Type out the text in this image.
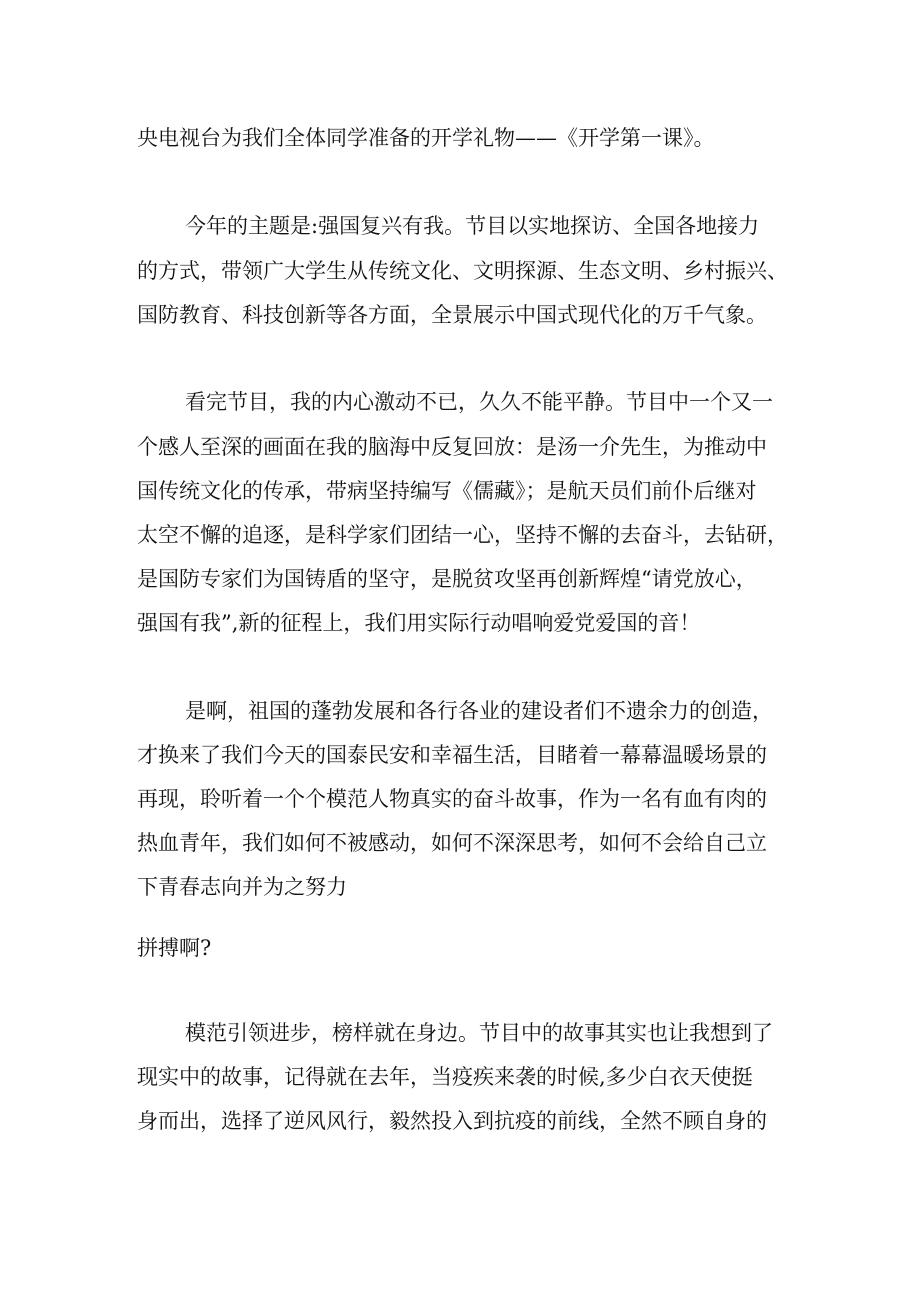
央电视台为我们全体同学准备的开学礼物——《开学第一课》。
今年的主题是:强国复兴有我。节目以实地探访、全国各地接力
的方式，带领广大学生从传统文化、文明探源、生态文明、乡村振兴、
国防教育、科技创新等各方面，全景展示中国式现代化的万千气象。
看完节目，我的内心激动不已，久久不能平静。节目中一个又一
个感人至深的画面在我的脑海中反复回放：是汤一介先生，为推动中
国传统文化的传承，带病坚持编写《儒藏》；是航天员们前仆后继对
太空不懈的追逐，是科学家们团结一心，坚持不懈的去奋斗，去钻研，
是国防专家们为国铸盾的坚守，是脱贫攻坚再创新辉煌“请党放心，
强国有我”,新的征程上，我们用实际行动唱响爱党爱国的音！
是啊，祖国的蓬勃发展和各行各业的建设者们不遗余力的创造，
才换来了我们今天的国泰民安和幸福生活，目睹着一幕幕温暖场景的
再现，聆听着一个个模范人物真实的奋斗故事，作为一名有血有肉的
热血青年，我们如何不被感动，如何不深深思考，如何不会给自己立
下青春志向并为之努力
拼搏啊?
模范引领进步，榜样就在身边。节目中的故事其实也让我想到了
现实中的故事，记得就在去年，当疫疾来袭的时候,多少白衣天使挺
身而出，选择了逆风风行，毅然投入到抗疫的前线，全然不顾自身的
